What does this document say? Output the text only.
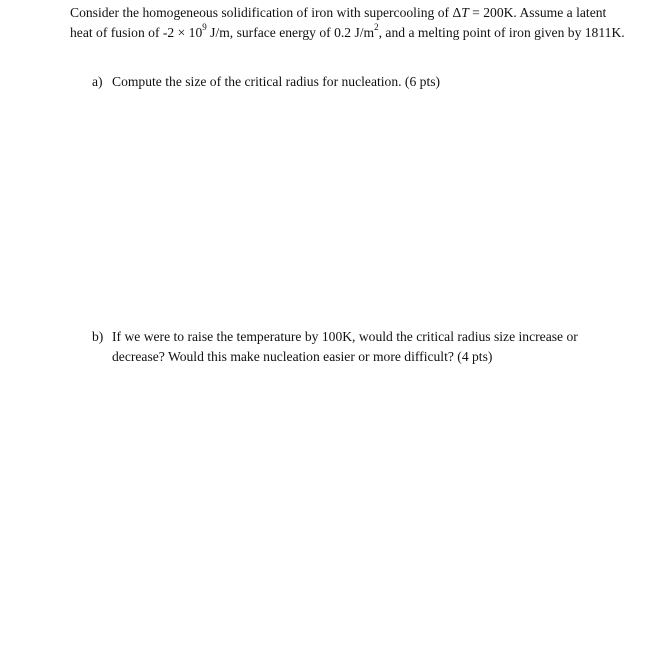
Consider the homogeneous solidification of iron with supercooling of ΔT = 200K. Assume a latent heat of fusion of $-2 \times 10^9$ J/m, surface energy of 0.2 $J/m^2$, and a melting point of iron given by 1811K.

a) Compute the size of the critical radius for nucleation. (6 pts)

b) If we were to raise the temperature by 100K, would the critical radius size increase or decrease? Would this make nucleation easier or more difficult? (4 pts)
